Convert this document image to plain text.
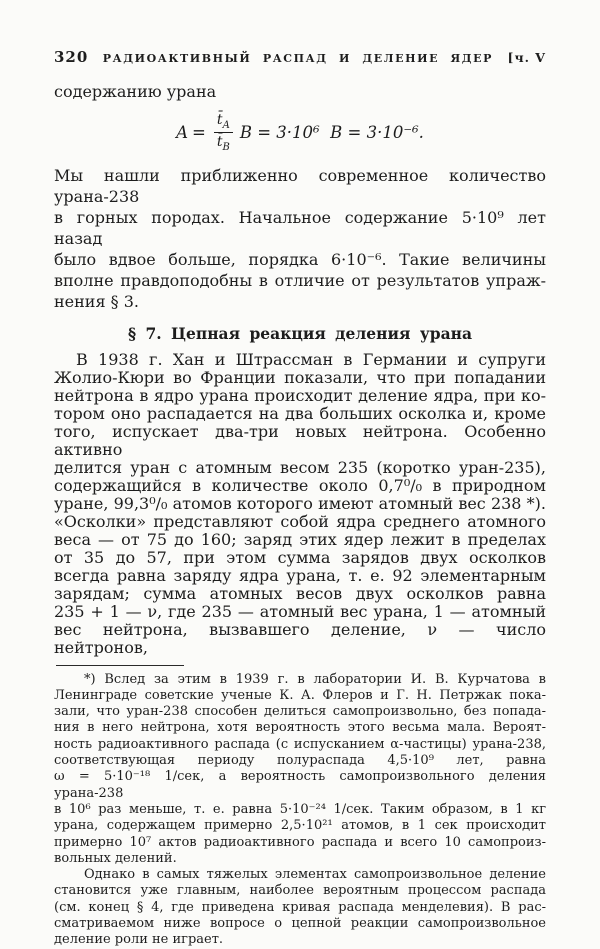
320	РАДИОАКТИВНЫЙ РАСПАД И ДЕЛЕНИЕ ЯДЕР	[ч. V
содержанию урана
$A = \frac{t̄_A}{t̄_B}$ B = 3·10⁶  B = 3·10⁻⁶.
Мы нашли приближенно современное количество урана-238
в горных породах. Начальное содержание 5·10⁹ лет назад
было вдвое больше, порядка 6·10⁻⁶. Такие величины
вполне правдоподобны в отличие от результатов упраж-
нения § 3.
§ 7. Цепная реакция деления урана
В 1938 г. Хан и Штрассман в Германии и супруги
Жолио-Кюри во Франции показали, что при попадании
нейтрона в ядро урана происходит деление ядра, при ко-
тором оно распадается на два больших осколка и, кроме
того, испускает два-три новых нейтрона. Особенно активно
делится уран с атомным весом 235 (коротко уран-235),
содержащийся в количестве около 0,7⁰/₀ в природном
уране, 99,3⁰/₀ атомов которого имеют атомный вес 238 *).
«Осколки» представляют собой ядра среднего атомного
веса — от 75 до 160; заряд этих ядер лежит в пределах
от 35 до 57, при этом сумма зарядов двух осколков
всегда равна заряду ядра урана, т. е. 92 элементарным
зарядам; сумма атомных весов двух осколков равна
235 + 1 — ν, где 235 — атомный вес урана, 1 — атомный
вес нейтрона, вызвавшего деление, ν — число нейтронов,
*) Вслед за этим в 1939 г. в лаборатории И. В. Курчатова в
Ленинграде советские ученые К. А. Флеров и Г. Н. Петржак пока-
зали, что уран-238 способен делиться самопроизвольно, без попада-
ния в него нейтрона, хотя вероятность этого весьма мала. Вероят-
ность радиоактивного распада (с испусканием α-частицы) урана-238,
соответствующая периоду полураспада 4,5·10⁹ лет, равна
ω = 5·10⁻¹⁸ 1/сек, а вероятность самопроизвольного деления урана-238
в 10⁶ раз меньше, т. е. равна 5·10⁻²⁴ 1/сек. Таким образом, в 1 кг
урана, содержащем примерно 2,5·10²¹ атомов, в 1 сек происходит
примерно 10⁷ актов радиоактивного распада и всего 10 самопроиз-
вольных делений.
Однако в самых тяжелых элементах самопроизвольное деление
становится уже главным, наиболее вероятным процессом распада
(см. конец § 4, где приведена кривая распада менделевия). В рас-
сматриваемом ниже вопросе о цепной реакции самопроизвольное
деление роли не играет.
